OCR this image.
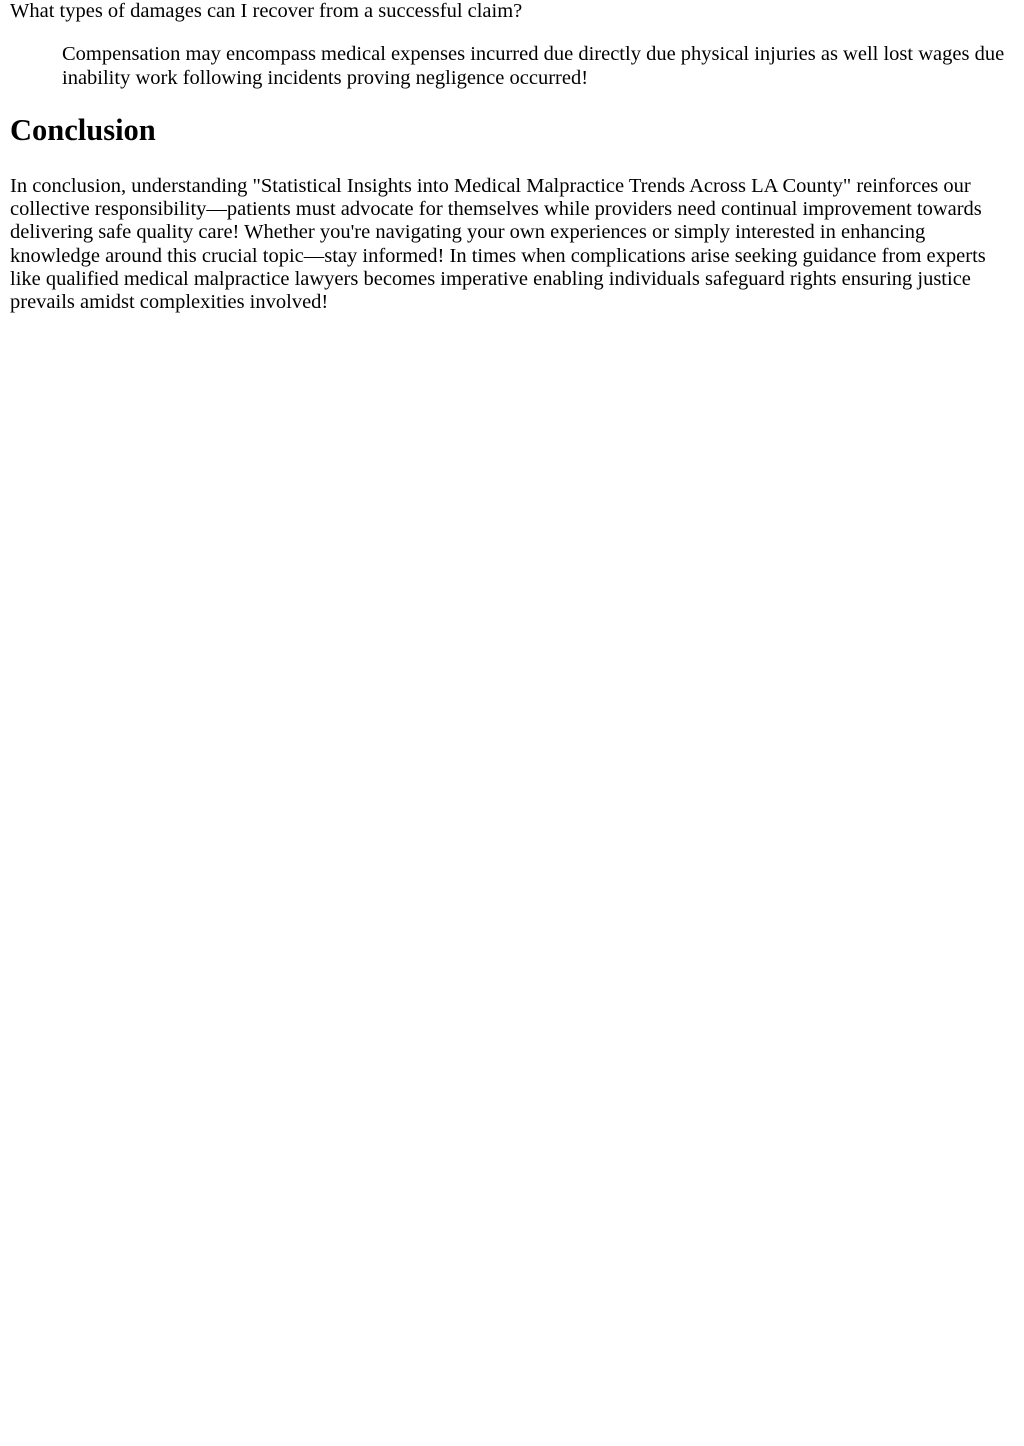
What types of damages can I recover from a successful claim?
Compensation may encompass medical expenses incurred due directly due physical injuries as well lost wages due inability work following incidents proving negligence occurred!
Conclusion

In conclusion, understanding "Statistical Insights into Medical Malpractice Trends Across LA County" reinforces our collective responsibility—patients must advocate for themselves while providers need continual improvement towards delivering safe quality care! Whether you're navigating your own experiences or simply interested in enhancing knowledge around this crucial topic—stay informed! In times when complications arise seeking guidance from experts like qualified medical malpractice lawyers becomes imperative enabling individuals safeguard rights ensuring justice prevails amidst complexities involved!
